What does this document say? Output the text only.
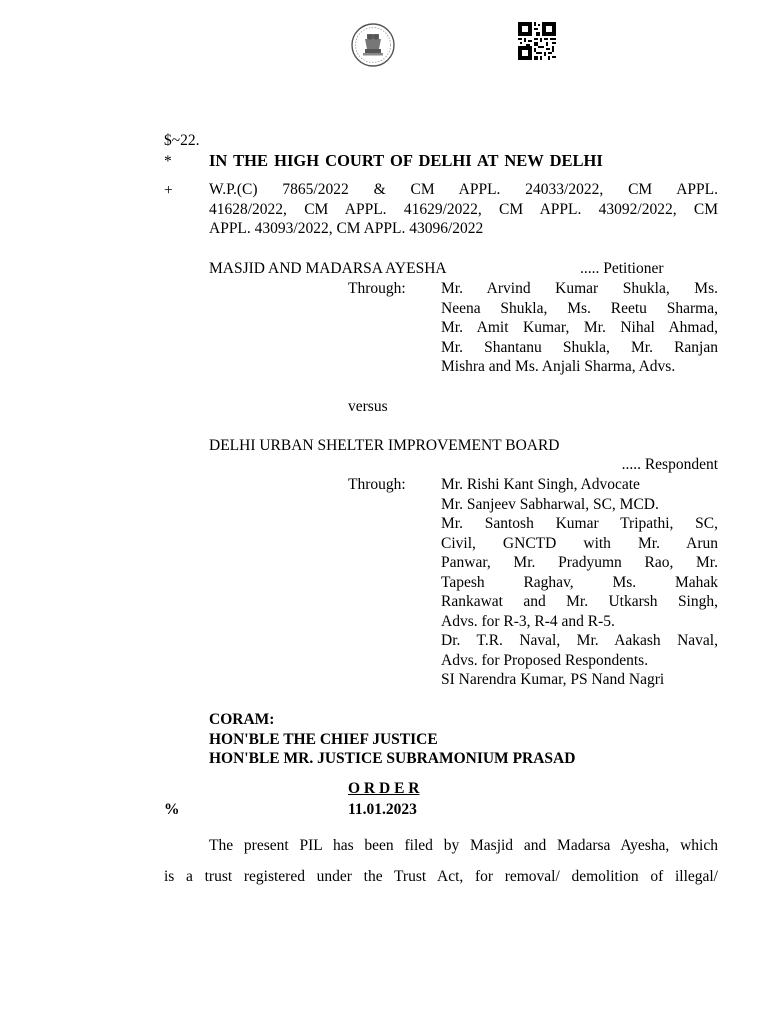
$~22.
* IN THE HIGH COURT OF DELHI AT NEW DELHI
+ W.P.(C) 7865/2022 & CM APPL. 24033/2022, CM APPL.
41628/2022, CM APPL. 41629/2022, CM APPL. 43092/2022, CM
APPL. 43093/2022, CM APPL. 43096/2022
MASJID AND MADARSA AYESHA	..... Petitioner
Through: Mr. Arvind Kumar Shukla, Ms.
Neena Shukla, Ms. Reetu Sharma,
Mr. Amit Kumar, Mr. Nihal Ahmad,
Mr. Shantanu Shukla, Mr. Ranjan
Mishra and Ms. Anjali Sharma, Advs.
versus
DELHI URBAN SHELTER IMPROVEMENT BOARD
..... Respondent
Through: Mr. Rishi Kant Singh, Advocate
Mr. Sanjeev Sabharwal, SC, MCD.
Mr. Santosh Kumar Tripathi, SC,
Civil, GNCTD with Mr. Arun
Panwar, Mr. Pradyumn Rao, Mr.
Tapesh Raghav, Ms. Mahak
Rankawat and Mr. Utkarsh Singh,
Advs. for R-3, R-4 and R-5.
Dr. T.R. Naval, Mr. Aakash Naval,
Advs. for Proposed Respondents.
SI Narendra Kumar, PS Nand Nagri
CORAM:
HON'BLE THE CHIEF JUSTICE
HON'BLE MR. JUSTICE SUBRAMONIUM PRASAD
O R D E R
%	11.01.2023
The present PIL has been filed by Masjid and Madarsa Ayesha, which
is a trust registered under the Trust Act, for removal/ demolition of illegal/
